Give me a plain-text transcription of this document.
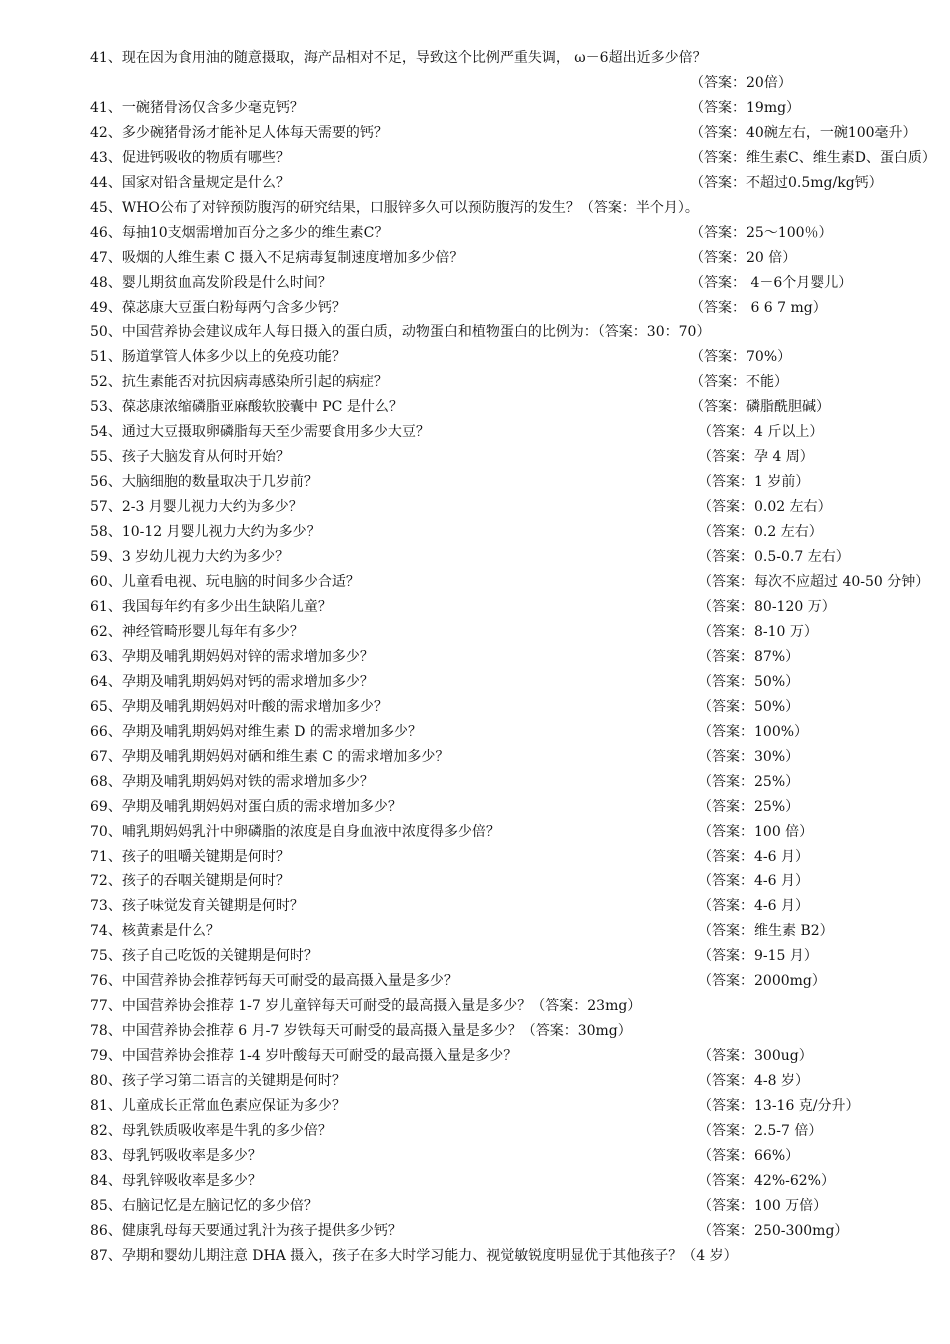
41、现在因为食用油的随意摄取，海产品相对不足，导致这个比例严重失调， ω－6超出近多少倍？
（答案：20倍）
41、一碗猪骨汤仅含多少毫克钙？	（答案：19mg）
42、多少碗猪骨汤才能补足人体每天需要的钙？	（答案：40碗左右，一碗100毫升）
43、促进钙吸收的物质有哪些？	（答案：维生素C、维生素D、蛋白质）
44、国家对铅含量规定是什么？	（答案：不超过0.5mg/kg钙）
45、WHO公布了对锌预防腹泻的研究结果，口服锌多久可以预防腹泻的发生？（答案：半个月）。
46、每抽10支烟需增加百分之多少的维生素C？	（答案：25～100％）
47、吸烟的人维生素 C 摄入不足病毒复制速度增加多少倍？	（答案：20 倍）
48、婴儿期贫血高发阶段是什么时间？	（答案： 4－6个月婴儿）
49、葆苾康大豆蛋白粉每两勺含多少钙？	（答案： 6 6 7 mg）
50、中国营养协会建议成年人每日摄入的蛋白质，动物蛋白和植物蛋白的比例为：（答案：30：70）
51、肠道掌管人体多少以上的免疫功能？	（答案：70%）
52、抗生素能否对抗因病毒感染所引起的病症？	（答案：不能）
53、葆苾康浓缩磷脂亚麻酸软胶囊中 PC 是什么？	（答案：磷脂酰胆碱）
54、通过大豆摄取卵磷脂每天至少需要食用多少大豆？	（答案：4 斤以上）
55、孩子大脑发育从何时开始？	（答案：孕 4 周）
56、大脑细胞的数量取决于几岁前？	（答案：1 岁前）
57、2-3 月婴儿视力大约为多少？	（答案：0.02 左右）
58、10-12 月婴儿视力大约为多少？	（答案：0.2 左右）
59、3 岁幼儿视力大约为多少？	（答案：0.5-0.7 左右）
60、儿童看电视、玩电脑的时间多少合适？	（答案：每次不应超过 40-50 分钟）
61、我国每年约有多少出生缺陷儿童？	（答案：80-120 万）
62、神经管畸形婴儿每年有多少？	（答案：8-10 万）
63、孕期及哺乳期妈妈对锌的需求增加多少？	（答案：87%）
64、孕期及哺乳期妈妈对钙的需求增加多少？	（答案：50%）
65、孕期及哺乳期妈妈对叶酸的需求增加多少？	（答案：50%）
66、孕期及哺乳期妈妈对维生素 D 的需求增加多少？	（答案：100%）
67、孕期及哺乳期妈妈对硒和维生素 C 的需求增加多少？	（答案：30%）
68、孕期及哺乳期妈妈对铁的需求增加多少？	（答案：25%）
69、孕期及哺乳期妈妈对蛋白质的需求增加多少？	（答案：25%）
70、哺乳期妈妈乳汁中卵磷脂的浓度是自身血液中浓度得多少倍？	（答案：100 倍）
71、孩子的咀嚼关键期是何时？	（答案：4-6 月）
72、孩子的吞咽关键期是何时？	（答案：4-6 月）
73、孩子味觉发育关键期是何时？	（答案：4-6 月）
74、核黄素是什么？	（答案：维生素 B2）
75、孩子自己吃饭的关键期是何时？	（答案：9-15 月）
76、中国营养协会推荐钙每天可耐受的最高摄入量是多少？	（答案：2000mg）
77、中国营养协会推荐 1-7 岁儿童锌每天可耐受的最高摄入量是多少？（答案：23mg）
78、中国营养协会推荐 6 月-7 岁铁每天可耐受的最高摄入量是多少？（答案：30mg）
79、中国营养协会推荐 1-4 岁叶酸每天可耐受的最高摄入量是多少？	（答案：300ug）
80、孩子学习第二语言的关键期是何时？	（答案：4-8 岁）
81、儿童成长正常血色素应保证为多少？	（答案：13-16 克/分升）
82、母乳铁质吸收率是牛乳的多少倍？	（答案：2.5-7 倍）
83、母乳钙吸收率是多少？	（答案：66%）
84、母乳锌吸收率是多少？	（答案：42%-62%）
85、右脑记忆是左脑记忆的多少倍？	（答案：100 万倍）
86、健康乳母每天要通过乳汁为孩子提供多少钙？	（答案：250-300mg）
87、孕期和婴幼儿期注意 DHA 摄入，孩子在多大时学习能力、视觉敏锐度明显优于其他孩子？（4 岁）
